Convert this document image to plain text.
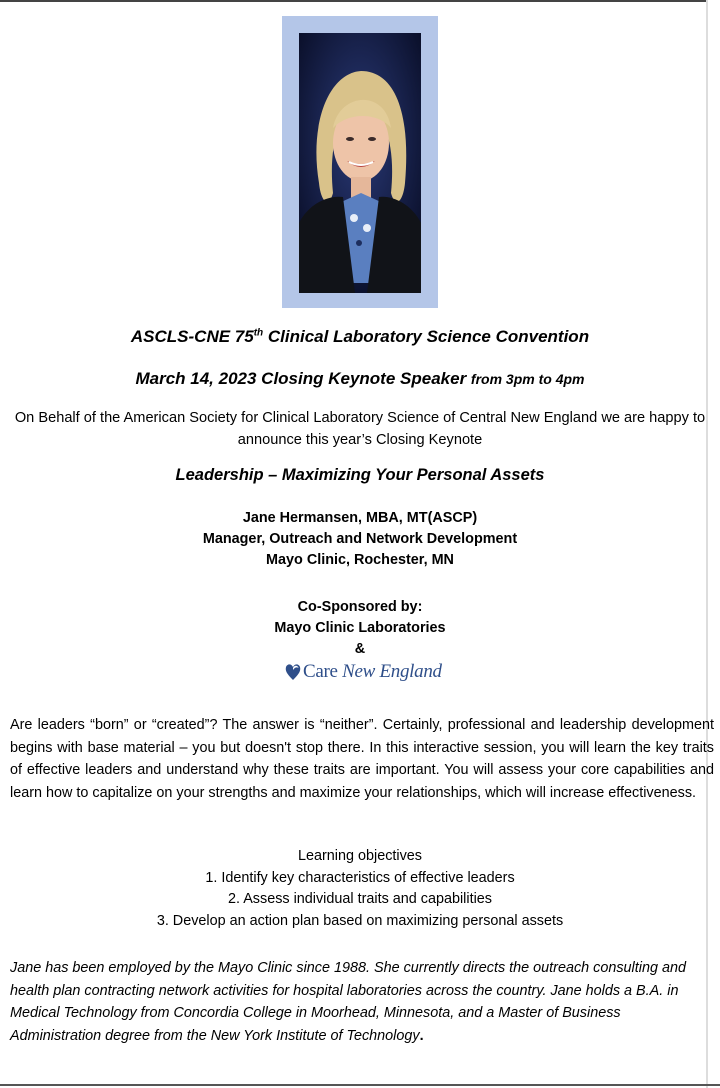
ASCLS-CNE 75th Clinical Laboratory Science Convention
March 14, 2023 Closing Keynote Speaker from 3pm to 4pm
On Behalf of the American Society for Clinical Laboratory Science of Central New England we are happy to announce this year’s Closing Keynote
Leadership – Maximizing Your Personal Assets
Jane Hermansen, MBA, MT(ASCP)
Manager, Outreach and Network Development
Mayo Clinic, Rochester, MN
Co-Sponsored by:
Mayo Clinic Laboratories
&
Care New England
Are leaders “born” or “created”? The answer is “neither”. Certainly, professional and leadership development begins with base material – you but doesn't stop there. In this interactive session, you will learn the key traits of effective leaders and understand why these traits are important. You will assess your core capabilities and learn how to capitalize on your strengths and maximize your relationships, which will increase effectiveness.
Learning objectives
1. Identify key characteristics of effective leaders
2. Assess individual traits and capabilities
3. Develop an action plan based on maximizing personal assets
Jane has been employed by the Mayo Clinic since 1988. She currently directs the outreach consulting and health plan contracting network activities for hospital laboratories across the country. Jane holds a B.A. in Medical Technology from Concordia College in Moorhead, Minnesota, and a Master of Business Administration degree from the New York Institute of Technology.
